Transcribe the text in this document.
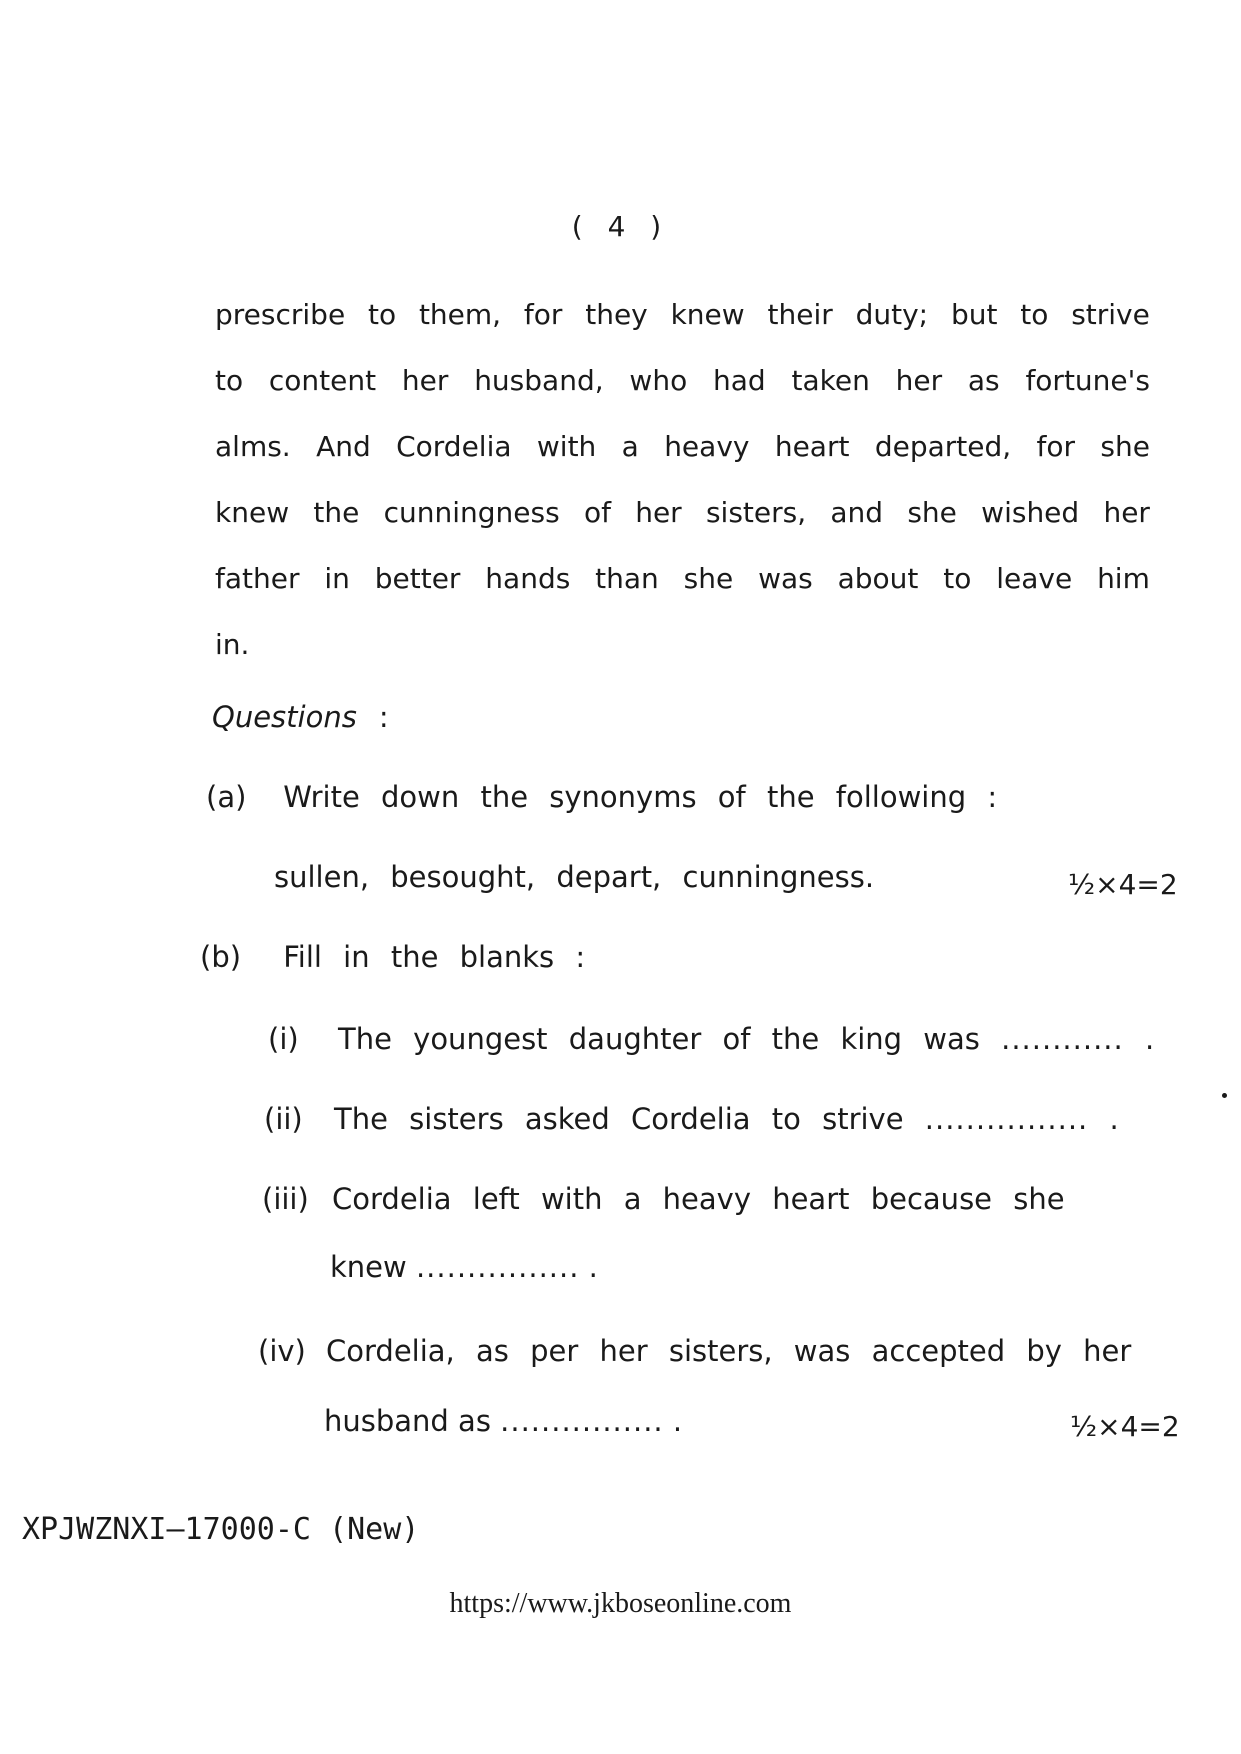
( 4 )
prescribe to them, for they knew their duty; but to strive
to content her husband, who had taken her as fortune's
alms. And Cordelia with a heavy heart departed, for she
knew the cunningness of her sisters, and she wished her
father in better hands than she was about to leave him
in.
Questions :
(a) Write down the synonyms of the following :
sullen, besought, depart, cunningness.	½×4=2
(b) Fill in the blanks :
(i) The youngest daughter of the king was ............ .
(ii) The sisters asked Cordelia to strive ................ .
(iii) Cordelia left with a heavy heart because she
knew ................ .
(iv) Cordelia, as per her sisters, was accepted by her
husband as ................ .	½×4=2
XPJWZNXI—17000-C (New)
https://www.jkboseonline.com
